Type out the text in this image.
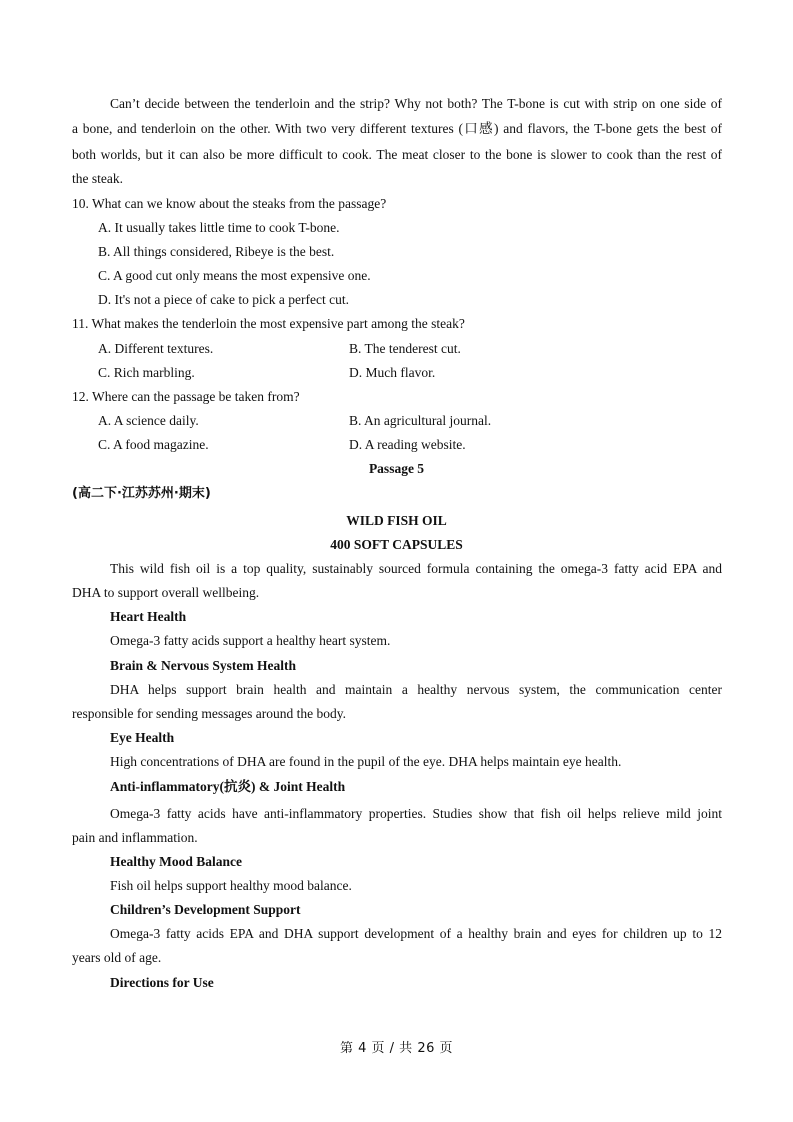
Can’t decide between the tenderloin and the strip? Why not both? The T-bone is cut with strip on one side of
a bone, and tenderloin on the other. With two very different textures (口感) and flavors, the T-bone gets the best of
both worlds, but it can also be more difficult to cook. The meat closer to the bone is slower to cook than the rest of
the steak.
10. What can we know about the steaks from the passage?
A. It usually takes little time to cook T-bone.
B. All things considered, Ribeye is the best.
C. A good cut only means the most expensive one.
D. It's not a piece of cake to pick a perfect cut.
11. What makes the tenderloin the most expensive part among the steak?
A. Different textures.	B. The tenderest cut.
C. Rich marbling.	D. Much flavor.
12. Where can the passage be taken from?
A. A science daily.	B. An agricultural journal.
C. A food magazine.	D. A reading website.
Passage 5
(高二下·江苏苏州·期末)
WILD FISH OIL
400 SOFT CAPSULES
This wild fish oil is a top quality, sustainably sourced formula containing the omega-3 fatty acid EPA and
DHA to support overall wellbeing.
Heart Health
Omega-3 fatty acids support a healthy heart system.
Brain & Nervous System Health
DHA helps support brain health and maintain a healthy nervous system, the communication center
responsible for sending messages around the body.
Eye Health
High concentrations of DHA are found in the pupil of the eye. DHA helps maintain eye health.
Anti-inflammatory(抗炎) & Joint Health
Omega-3 fatty acids have anti-inflammatory properties. Studies show that fish oil helps relieve mild joint
pain and inflammation.
Healthy Mood Balance
Fish oil helps support healthy mood balance.
Children’s Development Support
Omega-3 fatty acids EPA and DHA support development of a healthy brain and eyes for children up to 12
years old of age.
Directions for Use
第 4 页 / 共 26 页
